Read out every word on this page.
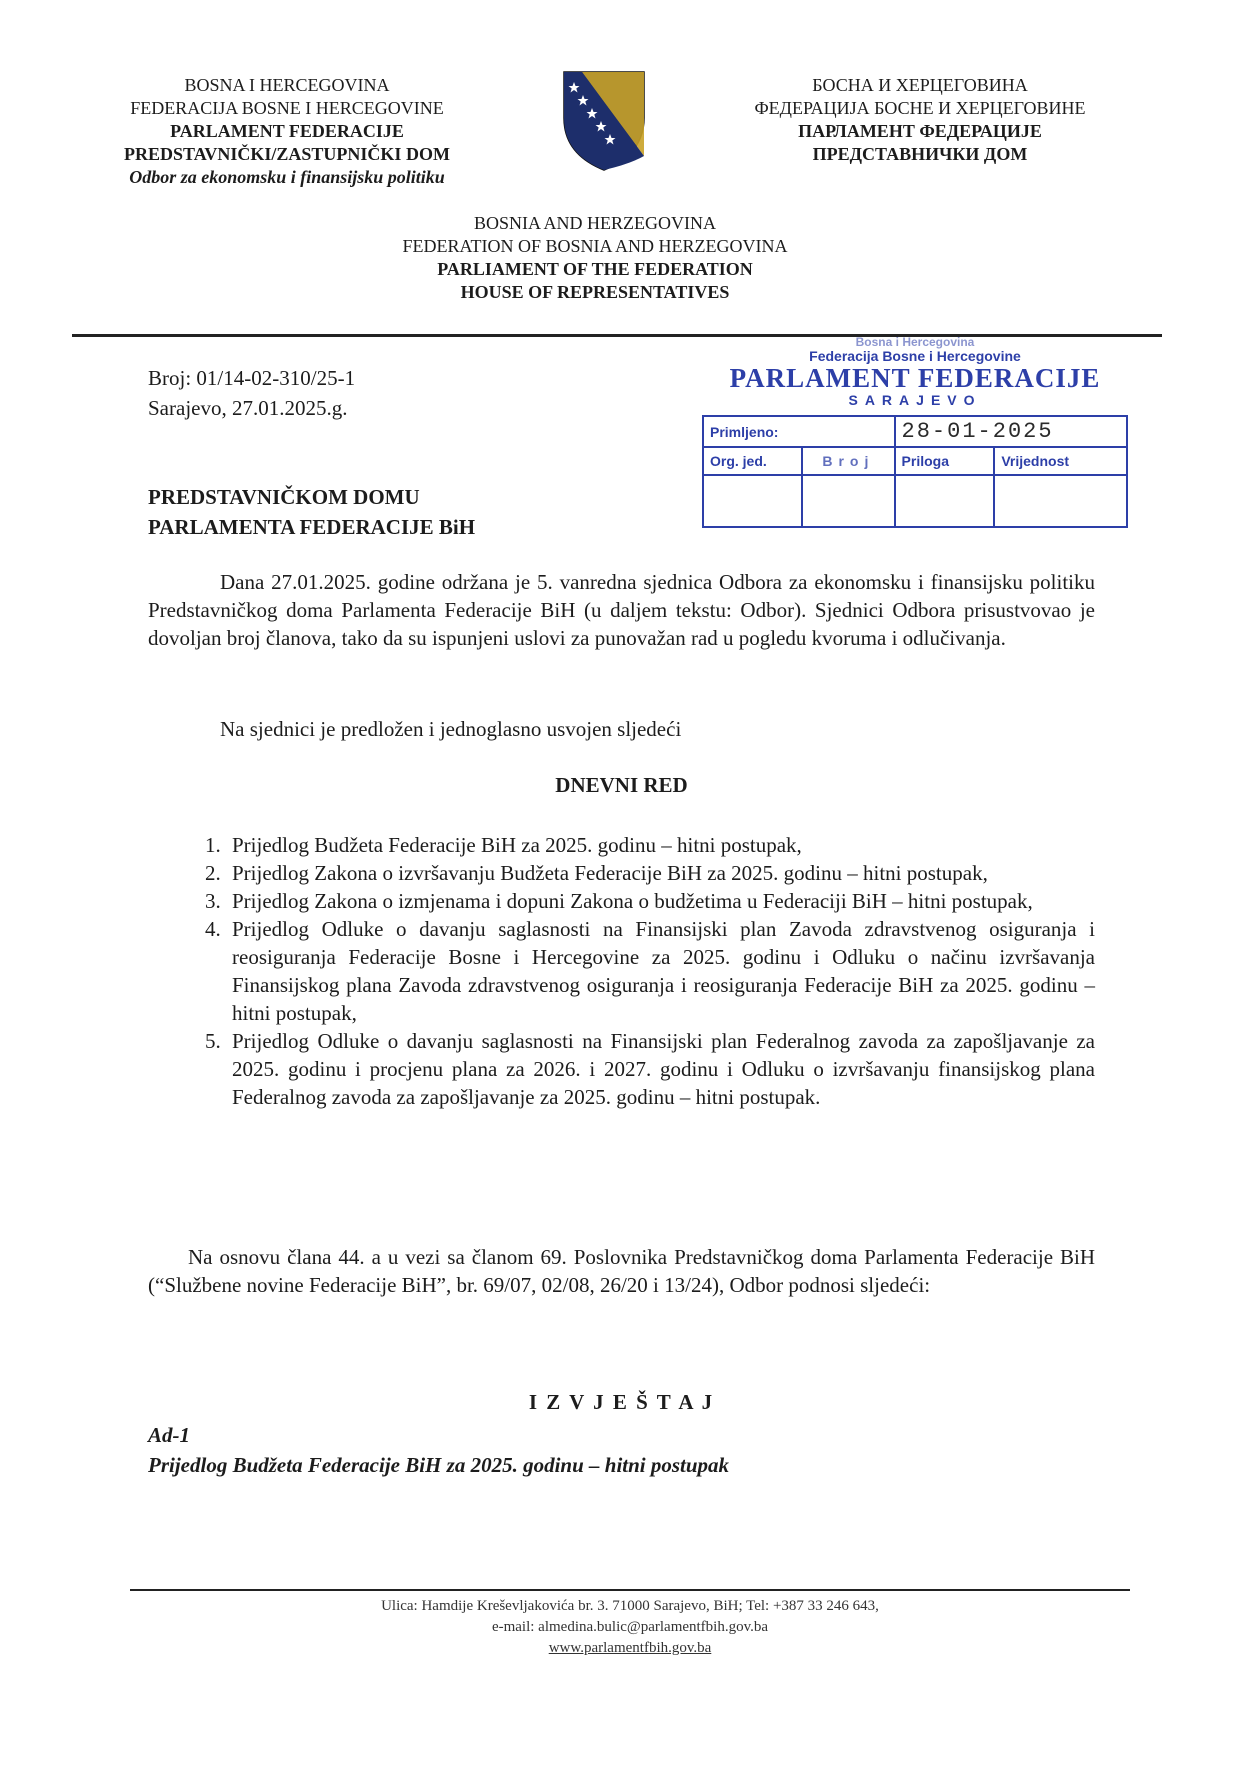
BOSNA I HERCEGOVINA
FEDERACIJA BOSNE I HERCEGOVINE
PARLAMENT FEDERACIJE
PREDSTAVNIČKI/ZASTUPNIČKI DOM
Odbor za ekonomsku i finansijsku politiku
БОСНА И ХЕРЦЕГОВИНА
ФЕДЕРАЦИЈА БОСНЕ И ХЕРЦЕГОВИНЕ
ПАРЛАМЕНТ ФЕДЕРАЦИЈЕ
ПРЕДСТАВНИЧКИ ДОМ
BOSNIA AND HERZEGOVINA
FEDERATION OF BOSNIA AND HERZEGOVINA
PARLIAMENT OF THE FEDERATION
HOUSE OF REPRESENTATIVES
Broj: 01/14-02-310/25-1
Sarajevo, 27.01.2025.g.
Bosna i Hercegovina
Federacija Bosne i Hercegovine
PARLAMENT FEDERACIJE
SARAJEVO
Primljeno:		28-01-2025	
Org. jed.	Broj	Priloga	Vrijednost

PREDSTAVNIČKOM DOMU
PARLAMENTA FEDERACIJE BiH
Dana 27.01.2025. godine održana je 5. vanredna sjednica Odbora za ekonomsku i finansijsku politiku Predstavničkog doma Parlamenta Federacije BiH (u daljem tekstu: Odbor). Sjednici Odbora prisustvovao je dovoljan broj članova, tako da su ispunjeni uslovi za punovažan rad u pogledu kvoruma i odlučivanja.
Na sjednici je predložen i jednoglasno usvojen sljedeći
DNEVNI RED
1. Prijedlog Budžeta Federacije BiH za 2025. godinu – hitni postupak,
2. Prijedlog Zakona o izvršavanju Budžeta Federacije BiH za 2025. godinu – hitni postupak,
3. Prijedlog Zakona o izmjenama i dopuni Zakona o budžetima u Federaciji BiH – hitni postupak,
4. Prijedlog Odluke o davanju saglasnosti na Finansijski plan Zavoda zdravstvenog osiguranja i reosiguranja Federacije Bosne i Hercegovine za 2025. godinu i Odluku o načinu izvršavanja Finansijskog plana Zavoda zdravstvenog osiguranja i reosiguranja Federacije BiH za 2025. godinu – hitni postupak,
5. Prijedlog Odluke o davanju saglasnosti na Finansijski plan Federalnog zavoda za zapošljavanje za 2025. godinu i procjenu plana za 2026. i 2027. godinu i Odluku o izvršavanju finansijskog plana Federalnog zavoda za zapošljavanje za 2025. godinu – hitni postupak.
Na osnovu člana 44. a u vezi sa članom 69. Poslovnika Predstavničkog doma Parlamenta Federacije BiH (“Službene novine Federacije BiH”, br. 69/07, 02/08, 26/20 i 13/24), Odbor podnosi sljedeći:
I Z V J E Š T A J
Ad-1
Prijedlog Budžeta Federacije BiH za 2025. godinu – hitni postupak
Ulica: Hamdije Kreševljakovića br. 3. 71000 Sarajevo, BiH; Tel: +387 33 246 643,
e-mail: almedina.bulic@parlamentfbih.gov.ba
www.parlamentfbih.gov.ba
